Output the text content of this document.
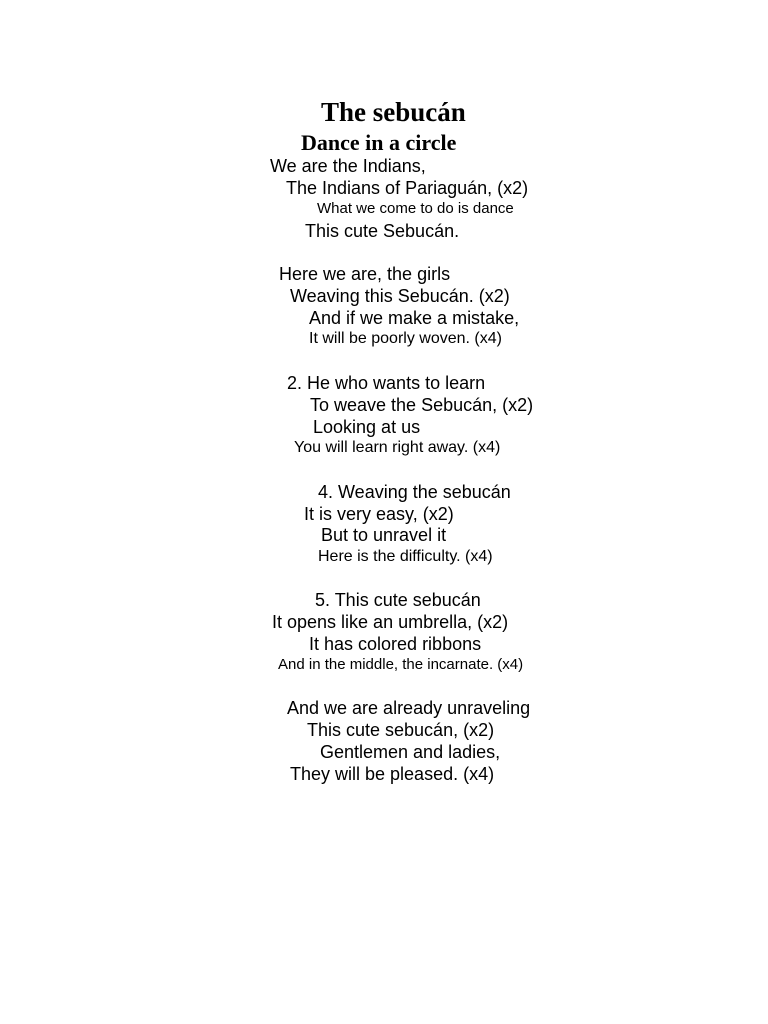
The sebucán
Dance in a circle
We are the Indians,
The Indians of Pariaguán, (x2)
What we come to do is dance
This cute Sebucán.
Here we are, the girls
Weaving this Sebucán. (x2)
And if we make a mistake,
It will be poorly woven. (x4)
2. He who wants to learn
To weave the Sebucán, (x2)
Looking at us
You will learn right away. (x4)
4. Weaving the sebucán
It is very easy, (x2)
But to unravel it
Here is the difficulty. (x4)
5. This cute sebucán
It opens like an umbrella, (x2)
It has colored ribbons
And in the middle, the incarnate. (x4)
And we are already unraveling
This cute sebucán, (x2)
Gentlemen and ladies,
They will be pleased. (x4)
